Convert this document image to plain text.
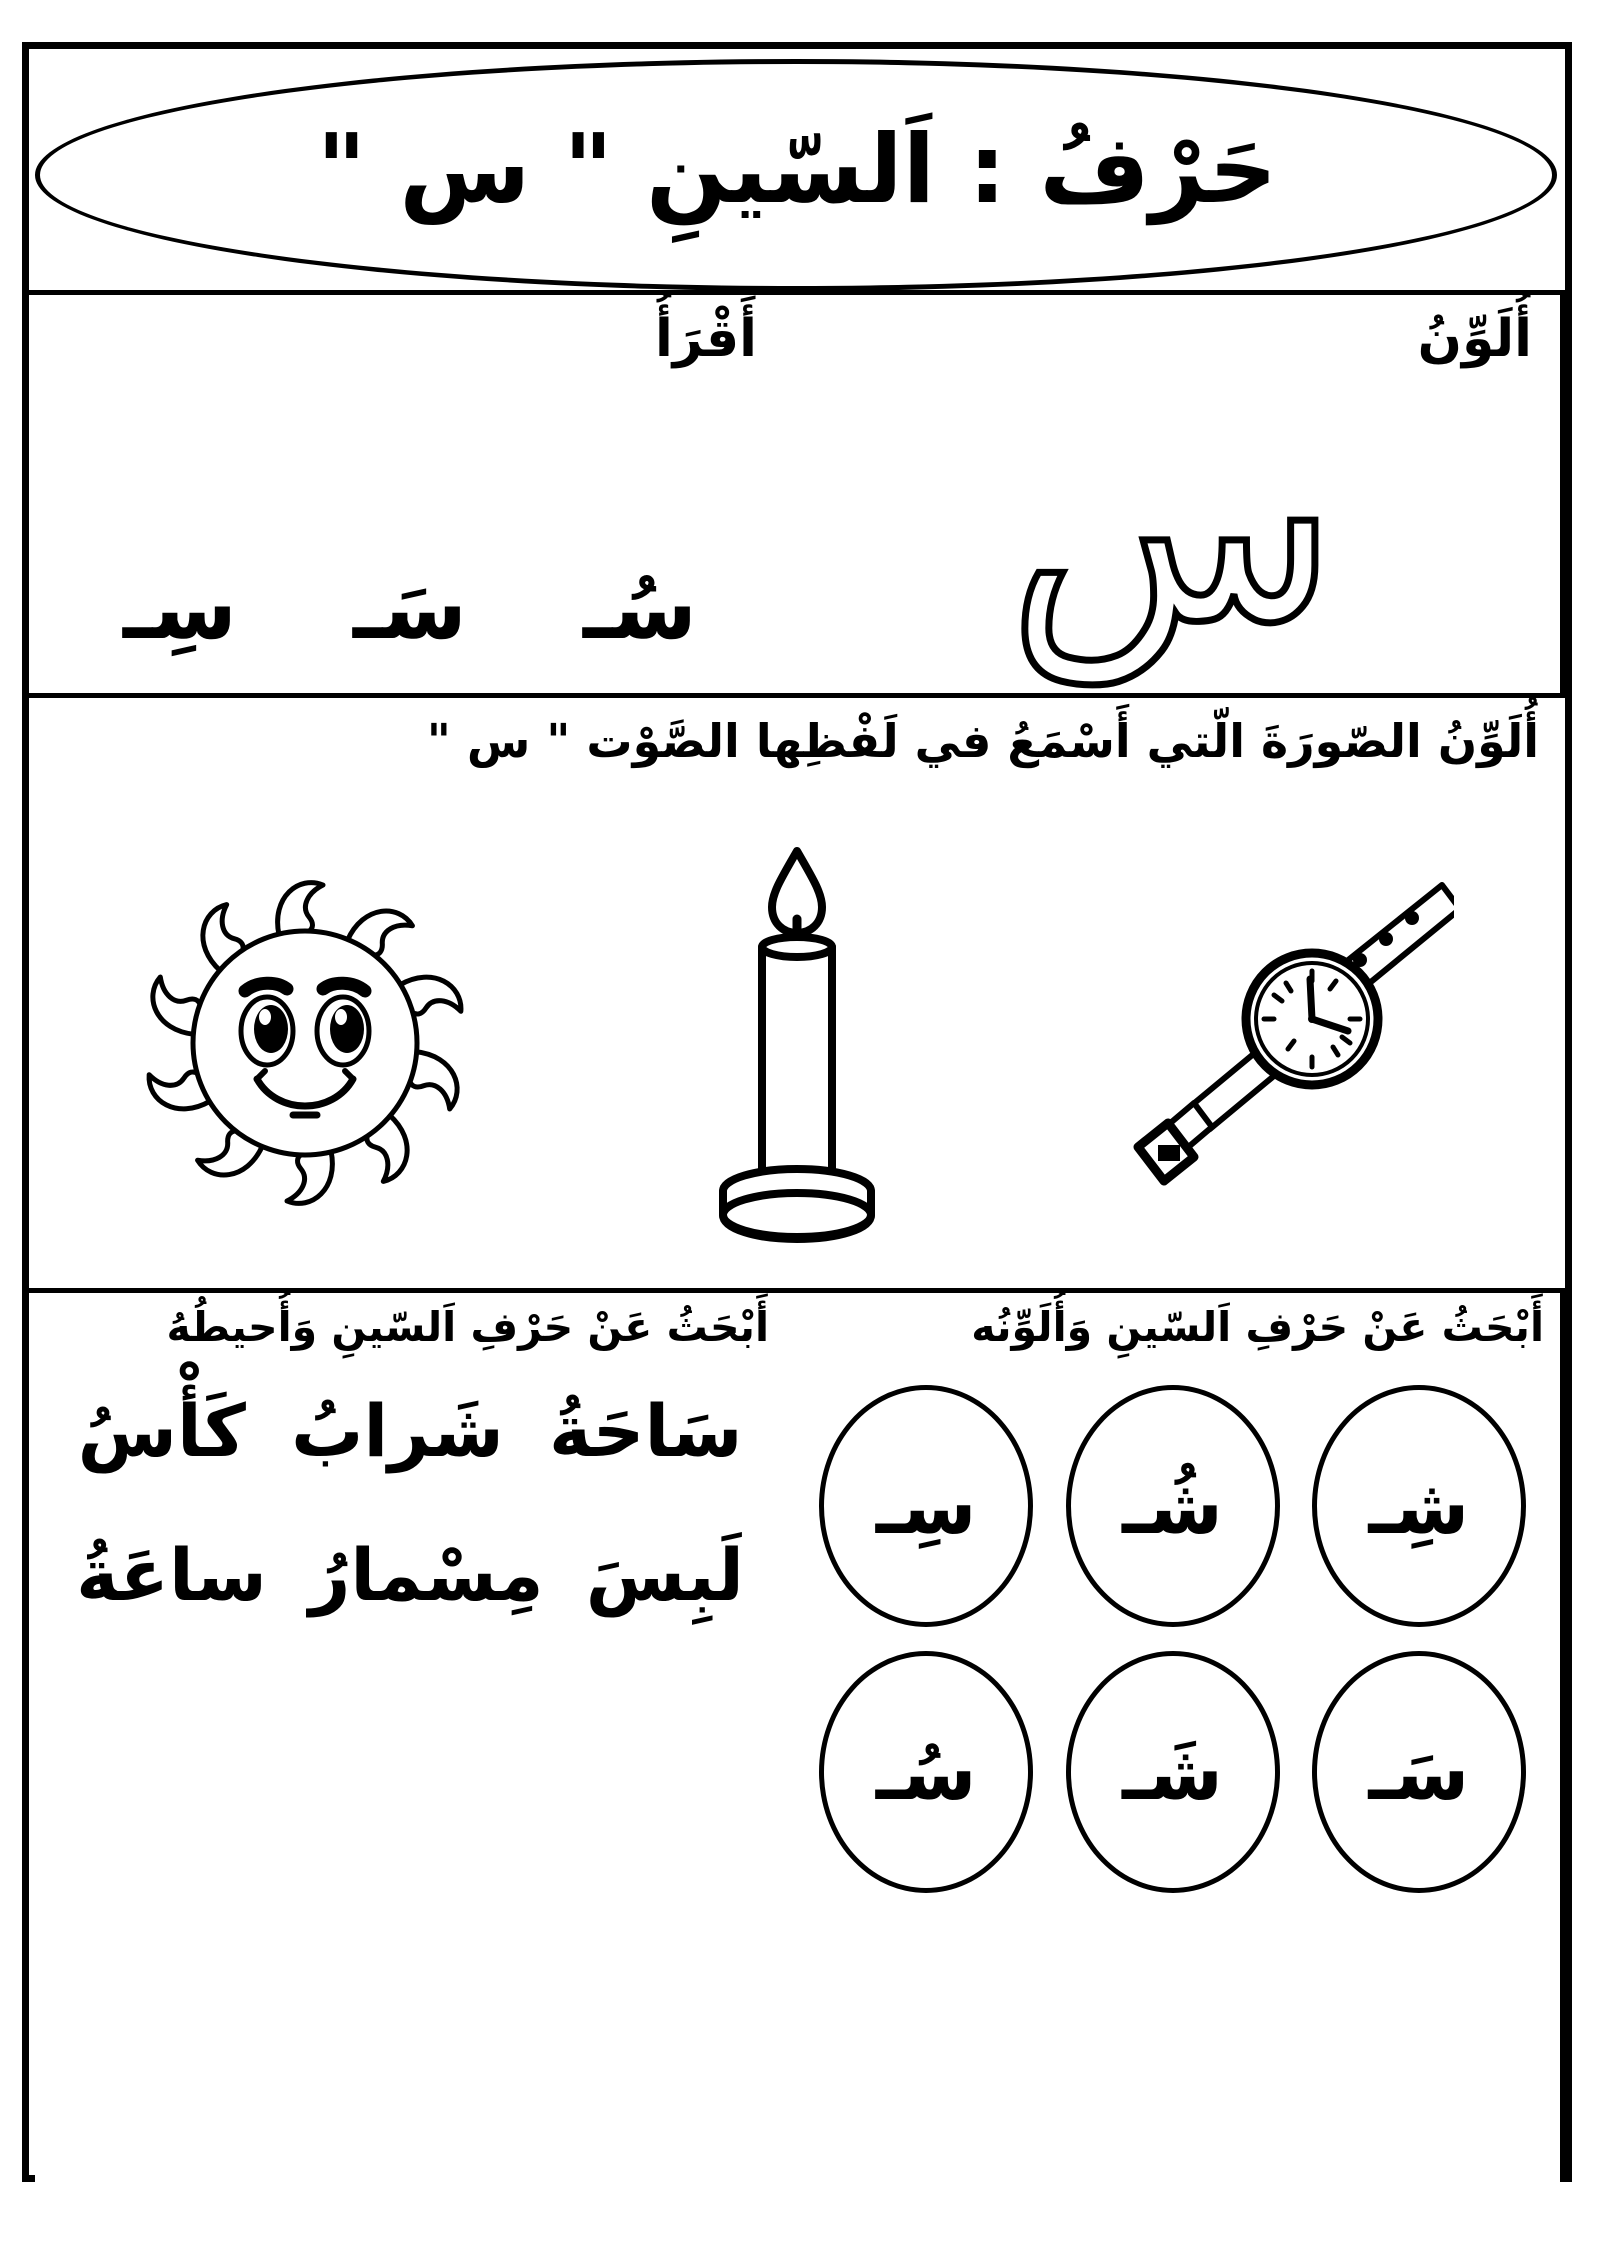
حَرْفُ : اَلسّينِ " س "
أُلَوِّنُ
س
أَقْرَأُ
سُـ
سَـ
سِـ
أُلَوِّنُ الصّورَةَ الّتي أَسْمَعُ في لَفْظِها الصَّوْت " س "
أَبْحَثُ عَنْ حَرْفِ اَلسّينِ وَأُلَوِّنُه
شِـ
شُـ
سِـ
سَـ
شَـ
سُـ
أَبْحَثُ عَنْ حَرْفِ اَلسّينِ وَأُحيطُهُ
سَاحَةُ
شَرابُ
كَأْسُ
لَبِسَ
مِسْمارُ
ساعَةُ
